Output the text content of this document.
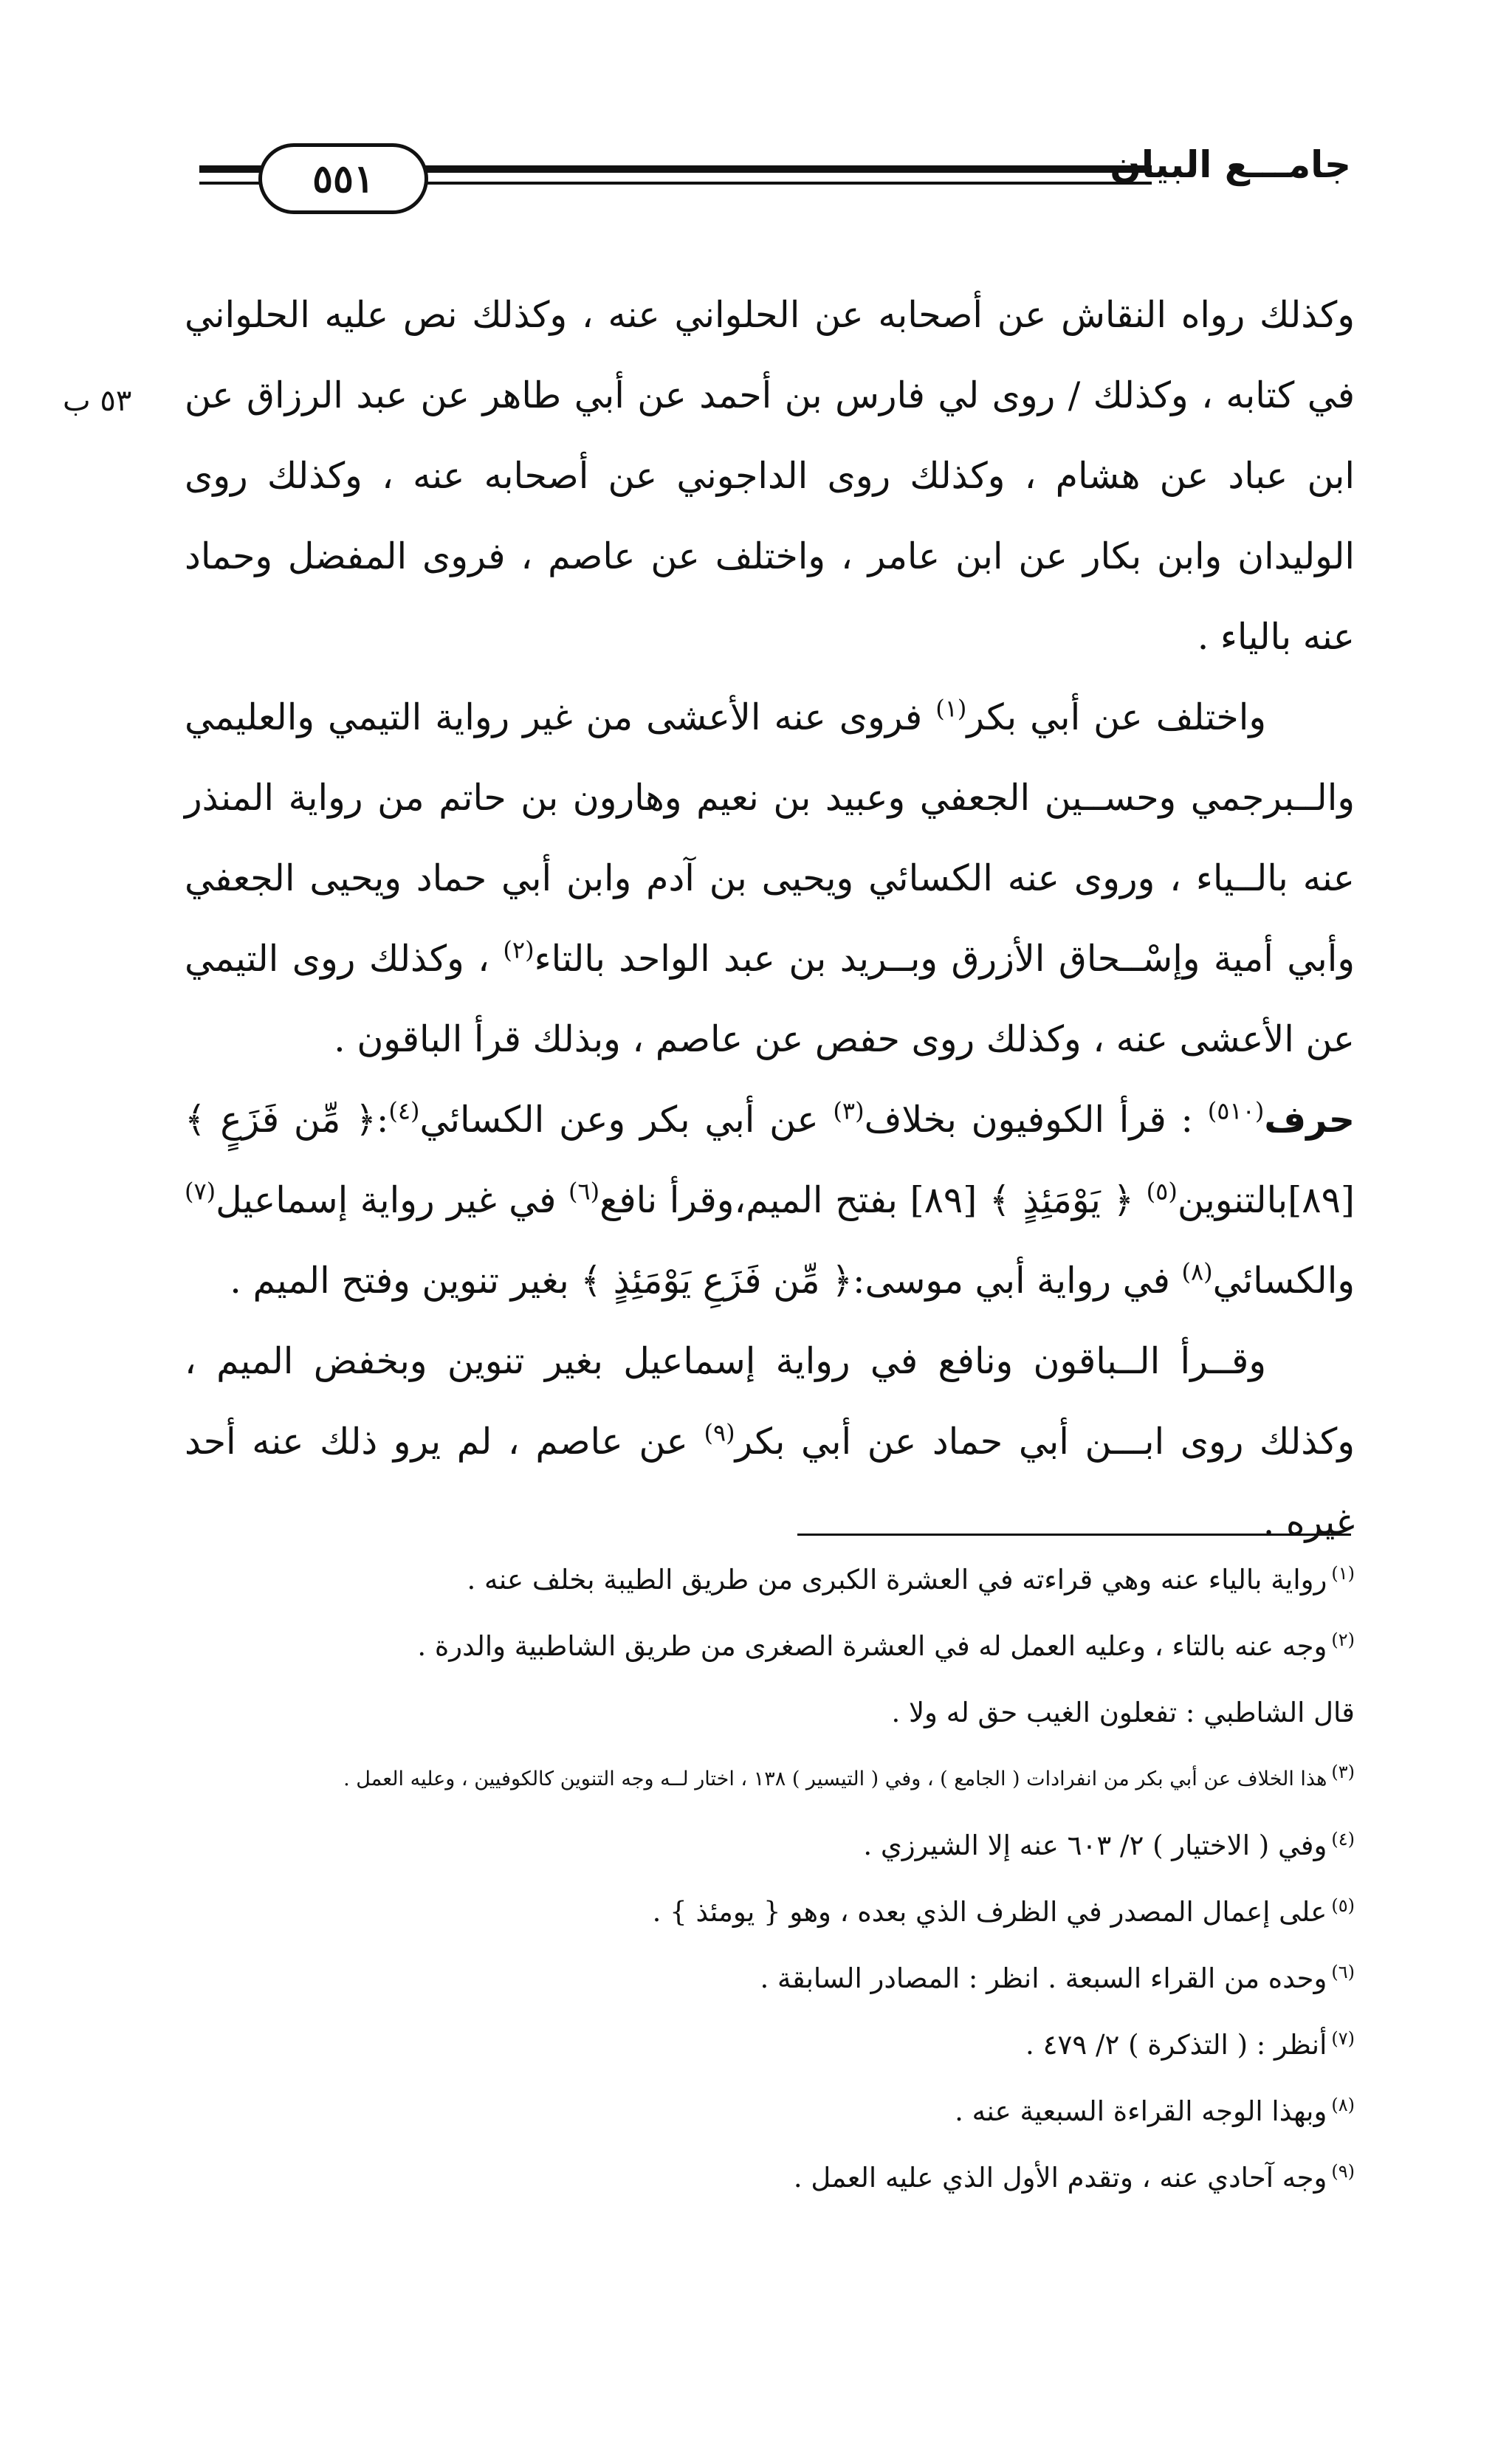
٥٥١	جامـــع البيان
٥٣ ب

وكذلك رواه النقاش عن أصحابه عن الحلواني عنه ، وكذلك نص عليه الحلواني في كتابه ، وكذلك / روى لي فارس بن أحمد عن أبي طاهر عن عبد الرزاق عن ابن عباد عن هشام ، وكذلك روى الداجوني عن أصحابه عنه ، وكذلك روى الوليدان وابن بكار عن ابن عامر ، واختلف عن عاصم ، فروى المفضل وحماد عنه بالياء .

واختلف عن أبي بكر$^{(١)}$ فروى عنه الأعشى من غير رواية التيمي والعليمي والــبرجمي وحســين الجعفي وعبيد بن نعيم وهارون بن حاتم من رواية المنذر عنه بالــياء ، وروى عنه الكسائي ويحيى بن آدم وابن أبي حماد ويحيى الجعفي وأبي أمية وإسْــحاق الأزرق وبــريد بن عبد الواحد بالتاء$^{(٢)}$ ، وكذلك روى التيمي عن الأعشى عنه ، وكذلك روى حفص عن عاصم ، وبذلك قرأ الباقون .

حرف$^{(٥١٠)}$ : قرأ الكوفيون بخلاف$^{(٣)}$ عن أبي بكر وعن الكسائي$^{(٤)}$:﴿ مِّن فَزَعٍ ﴾[٨٩]بالتنوين$^{(٥)}$ ﴿ يَوْمَئِذٍ ﴾ [٨٩] بفتح الميم،وقرأ نافع$^{(٦)}$ في غير رواية إسماعيل$^{(٧)}$ والكسائي$^{(٨)}$ في رواية أبي موسى:﴿ مِّن فَزَعِ يَوْمَئِذٍ ﴾ بغير تنوين وفتح الميم .

وقــرأ الــباقون ونافع في رواية إسماعيل بغير تنوين وبخفض الميم ، وكذلك روى ابـــن أبي حماد عن أبي بكر$^{(٩)}$ عن عاصم ، لم يرو ذلك عنه أحد غيره .

$^{(١)}$رواية بالياء عنه وهي قراءته في العشرة الكبرى من طريق الطيبة بخلف عنه .
$^{(٢)}$وجه عنه بالتاء ، وعليه العمل له في العشرة الصغرى من طريق الشاطبية والدرة .
قال الشاطبي : تفعلون الغيب حق له ولا .
(٣)هذا الخلاف عن أبي بكر من انفرادات ( الجامع ) ، وفي ( التيسير ) ١٣٨ ، اختار لــه وجه التنوين كالكوفيين ، وعليه العمل .
$^{(٤)}$وفي ( الاختيار ) ٢/ ٦٠٣ عنه إلا الشيرزي .
$^{(٥)}$على إعمال المصدر في الظرف الذي بعده ، وهو { يومئذ } .
$^{(٦)}$وحده من القراء السبعة . انظر : المصادر السابقة .
$^{(٧)}$أنظر : ( التذكرة ) ٢/ ٤٧٩ .
$^{(٨)}$وبهذا الوجه القراءة السبعية عنه .
$^{(٩)}$وجه آحادي عنه ، وتقدم الأول الذي عليه العمل .
